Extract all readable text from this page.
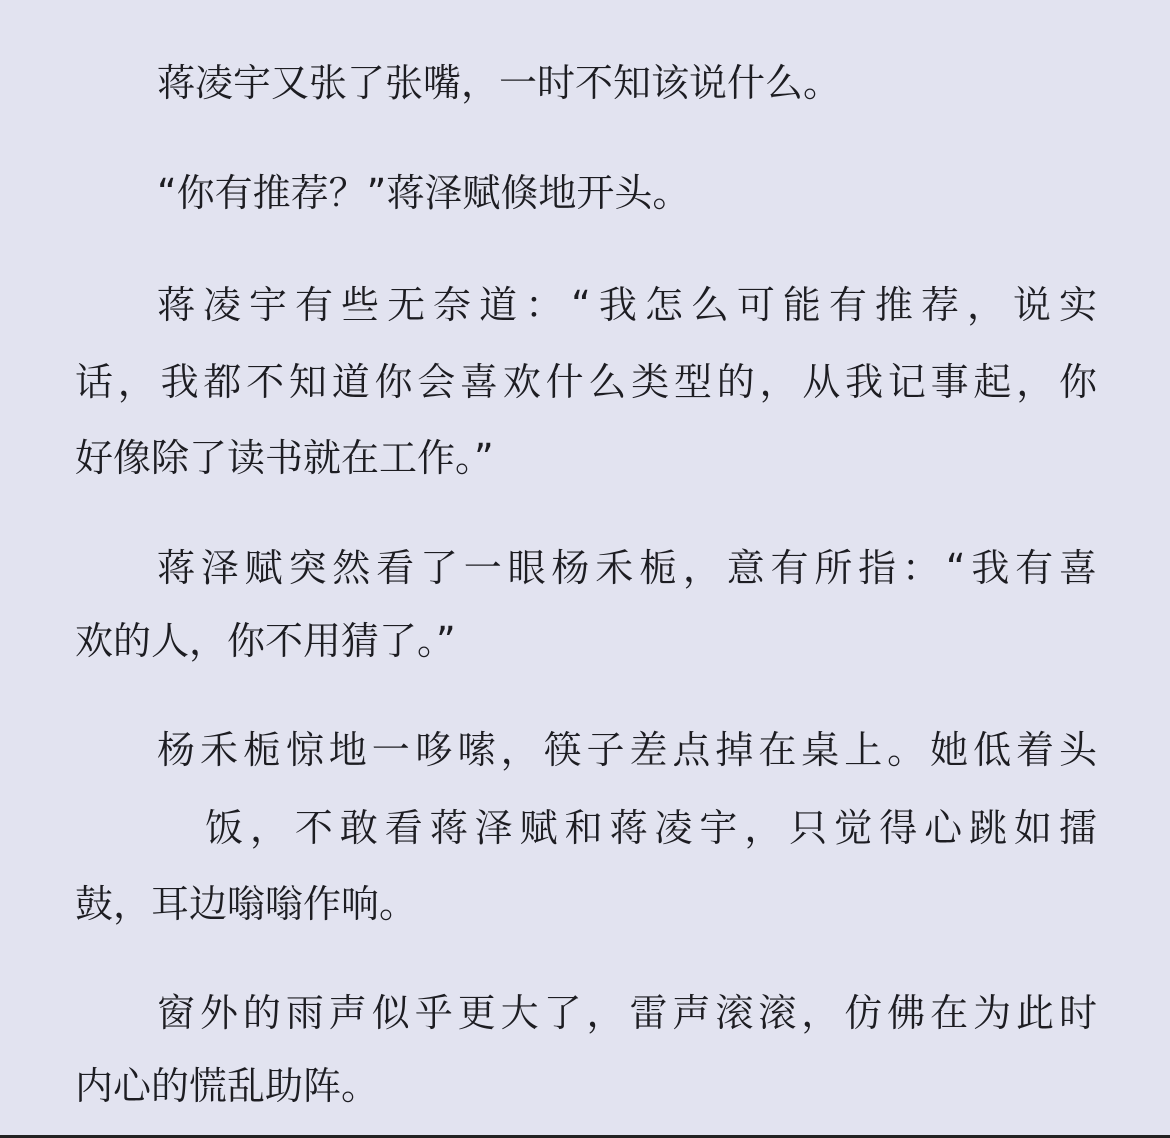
蒋凌宇又张了张嘴，一时不知该说什么。
“你有推荐？”蒋泽赋倏地开头。
蒋凌宇有些无奈道：“我怎么可能有推荐，说实
话，我都不知道你会喜欢什么类型的，从我记事起，你
好像除了读书就在工作。”
蒋泽赋突然看了一眼杨禾栀，意有所指：“我有喜
欢的人，你不用猜了。”
杨禾栀惊地一哆嗦，筷子差点掉在桌上。她低着头
饭，不敢看蒋泽赋和蒋凌宇，只觉得心跳如擂
鼓，耳边嗡嗡作响。
窗外的雨声似乎更大了，雷声滚滚，仿佛在为此时
内心的慌乱助阵。
